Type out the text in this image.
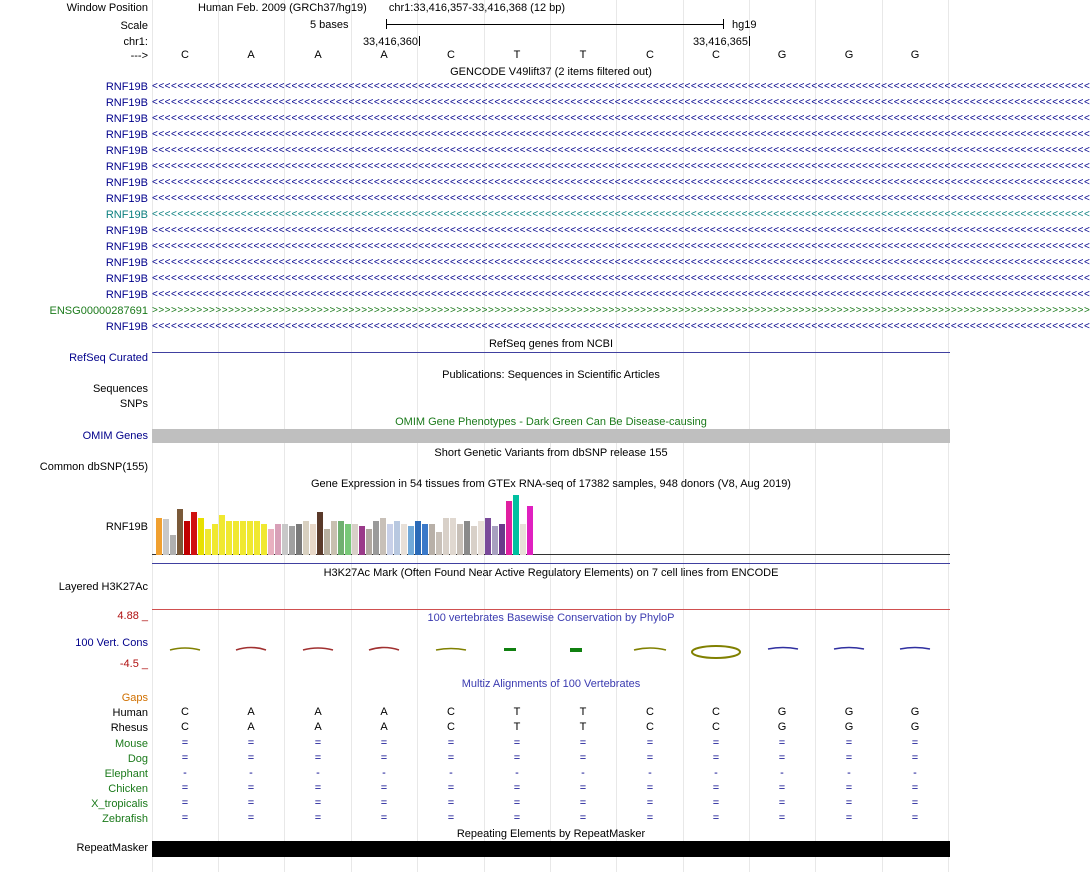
Window Position
Scale
chr1:
--->
Human Feb. 2009 (GRCh37/hg19) chr1:33,416,357-33,416,368 (12 bp)
5 bases	hg19
33,416,360	33,416,365
C	A	A	A	C	T	T	C	C	G	G	G
GENCODE V49lift37 (2 items filtered out)
RNF19B <<<<<<<<<<<<<<<<<<<<<<<<<<<<<<<<<<<<<<<<<<<<<<<<<<<<<<<<<<<<<<<<<<<<<<<<<<<<<<<<<<<<<<<<<<<<<<<<<<<<<<<<<<<<<<<<<<<<<<<<<<<<<<<<<<<<<<<<<<<<<<<<<<<<
RNF19B <<<<<<<<<<<<<<<<<<<<<<<<<<<<<<<<<<<<<<<<<<<<<<<<<<<<<<<<<<<<<<<<<<<<<<<<<<<<<<<<<<<<<<<<<<<<<<<<<<<<<<<<<<<<<<<<<<<<<<<<<<<<<<<<<<<<<<<<<<<<<<<<<<<<
RNF19B <<<<<<<<<<<<<<<<<<<<<<<<<<<<<<<<<<<<<<<<<<<<<<<<<<<<<<<<<<<<<<<<<<<<<<<<<<<<<<<<<<<<<<<<<<<<<<<<<<<<<<<<<<<<<<<<<<<<<<<<<<<<<<<<<<<<<<<<<<<<<<<<<<<<
RNF19B <<<<<<<<<<<<<<<<<<<<<<<<<<<<<<<<<<<<<<<<<<<<<<<<<<<<<<<<<<<<<<<<<<<<<<<<<<<<<<<<<<<<<<<<<<<<<<<<<<<<<<<<<<<<<<<<<<<<<<<<<<<<<<<<<<<<<<<<<<<<<<<<<<<<
RNF19B <<<<<<<<<<<<<<<<<<<<<<<<<<<<<<<<<<<<<<<<<<<<<<<<<<<<<<<<<<<<<<<<<<<<<<<<<<<<<<<<<<<<<<<<<<<<<<<<<<<<<<<<<<<<<<<<<<<<<<<<<<<<<<<<<<<<<<<<<<<<<<<<<<<<
RNF19B <<<<<<<<<<<<<<<<<<<<<<<<<<<<<<<<<<<<<<<<<<<<<<<<<<<<<<<<<<<<<<<<<<<<<<<<<<<<<<<<<<<<<<<<<<<<<<<<<<<<<<<<<<<<<<<<<<<<<<<<<<<<<<<<<<<<<<<<<<<<<<<<<<<<
RNF19B <<<<<<<<<<<<<<<<<<<<<<<<<<<<<<<<<<<<<<<<<<<<<<<<<<<<<<<<<<<<<<<<<<<<<<<<<<<<<<<<<<<<<<<<<<<<<<<<<<<<<<<<<<<<<<<<<<<<<<<<<<<<<<<<<<<<<<<<<<<<<<<<<<<<
RNF19B <<<<<<<<<<<<<<<<<<<<<<<<<<<<<<<<<<<<<<<<<<<<<<<<<<<<<<<<<<<<<<<<<<<<<<<<<<<<<<<<<<<<<<<<<<<<<<<<<<<<<<<<<<<<<<<<<<<<<<<<<<<<<<<<<<<<<<<<<<<<<<<<<<<<
RNF19B <<<<<<<<<<<<<<<<<<<<<<<<<<<<<<<<<<<<<<<<<<<<<<<<<<<<<<<<<<<<<<<<<<<<<<<<<<<<<<<<<<<<<<<<<<<<<<<<<<<<<<<<<<<<<<<<<<<<<<<<<<<<<<<<<<<<<<<<<<<<<<<<<<<<
RNF19B <<<<<<<<<<<<<<<<<<<<<<<<<<<<<<<<<<<<<<<<<<<<<<<<<<<<<<<<<<<<<<<<<<<<<<<<<<<<<<<<<<<<<<<<<<<<<<<<<<<<<<<<<<<<<<<<<<<<<<<<<<<<<<<<<<<<<<<<<<<<<<<<<<<<
RNF19B <<<<<<<<<<<<<<<<<<<<<<<<<<<<<<<<<<<<<<<<<<<<<<<<<<<<<<<<<<<<<<<<<<<<<<<<<<<<<<<<<<<<<<<<<<<<<<<<<<<<<<<<<<<<<<<<<<<<<<<<<<<<<<<<<<<<<<<<<<<<<<<<<<<<
RNF19B <<<<<<<<<<<<<<<<<<<<<<<<<<<<<<<<<<<<<<<<<<<<<<<<<<<<<<<<<<<<<<<<<<<<<<<<<<<<<<<<<<<<<<<<<<<<<<<<<<<<<<<<<<<<<<<<<<<<<<<<<<<<<<<<<<<<<<<<<<<<<<<<<<<<
RNF19B <<<<<<<<<<<<<<<<<<<<<<<<<<<<<<<<<<<<<<<<<<<<<<<<<<<<<<<<<<<<<<<<<<<<<<<<<<<<<<<<<<<<<<<<<<<<<<<<<<<<<<<<<<<<<<<<<<<<<<<<<<<<<<<<<<<<<<<<<<<<<<<<<<<<
RNF19B <<<<<<<<<<<<<<<<<<<<<<<<<<<<<<<<<<<<<<<<<<<<<<<<<<<<<<<<<<<<<<<<<<<<<<<<<<<<<<<<<<<<<<<<<<<<<<<<<<<<<<<<<<<<<<<<<<<<<<<<<<<<<<<<<<<<<<<<<<<<<<<<<<<<
ENSG00000287691 >>>>>>>>>>>>>>>>>>>>>>>>>>>>>>>>>>>>>>>>>>>>>>>>>>>>>>>>>>>>>>>>>>>>>>>>>>>>>>>>>>>>>>>>>>>>>>>>>>>>>>>>>>>>>>>>>>>>>>>>>>>>>>>>>>>>>>>>>>>>>>>>>>>>
RNF19B <<<<<<<<<<<<<<<<<<<<<<<<<<<<<<<<<<<<<<<<<<<<<<<<<<<<<<<<<<<<<<<<<<<<<<<<<<<<<<<<<<<<<<<<<<<<<<<<<<<<<<<<<<<<<<<<<<<<<<<<<<<<<<<<<<<<<<<<<<<<<<<<<<<<
RefSeq Curated
RefSeq genes from NCBI
Sequences
Publications: Sequences in Scientific Articles
SNPs
OMIM Gene Phenotypes - Dark Green Can Be Disease-causing
OMIM Genes
Short Genetic Variants from dbSNP release 155
Common dbSNP(155)
Gene Expression in 54 tissues from GTEx RNA-seq of 17382 samples, 948 donors (V8, Aug 2019)
RNF19B
H3K27Ac Mark (Often Found Near Active Regulatory Elements) on 7 cell lines from ENCODE
Layered H3K27Ac
4.88 _	100 vertebrates Basewise Conservation by PhyloP
100 Vert. Cons
-4.5 _
Multiz Alignments of 100 Vertebrates
Gaps
Human	C	A	A	A	C	T	T	C	C	G	G	G
Rhesus	C	A	A	A	C	T	T	C	C	G	G	G
Mouse	=	=	=	=	=	=	=	=	=	=	=	=
Dog	=	=	=	=	=	=	=	=	=	=	=	=
Elephant	-	-	-	-	-	-	-	-	-	-	-	-
Chicken	=	=	=	=	=	=	=	=	=	=	=	=
X_tropicalis	=	=	=	=	=	=	=	=	=	=	=	=
Zebrafish	=	=	=	=	=	=	=	=	=	=	=	=
Repeating Elements by RepeatMasker
RepeatMasker
